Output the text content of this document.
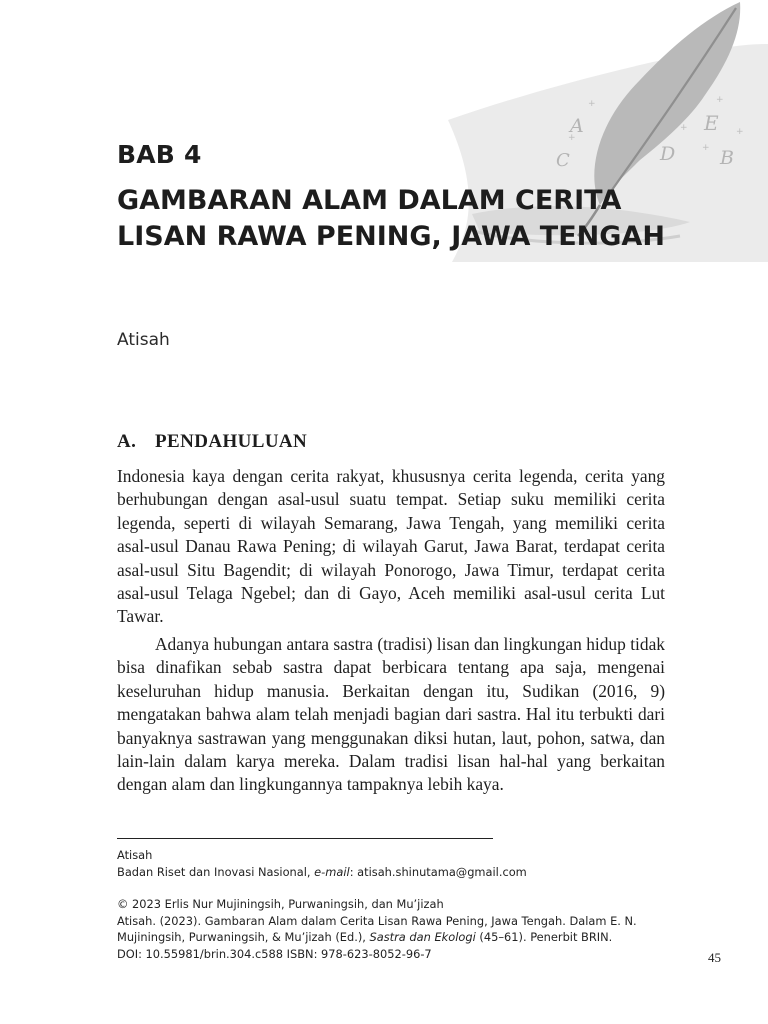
+	+
+
+
+
+
A	E
C	D B
BAB 4
GAMBARAN ALAM DALAM CERITA LISAN RAWA PENING, JAWA TENGAH
Atisah
A. PENDAHULUAN

Indonesia kaya dengan cerita rakyat, khususnya cerita legenda, cerita yang berhubungan dengan asal-usul suatu tempat. Setiap suku memiliki cerita legenda, seperti di wilayah Semarang, Jawa Tengah, yang memiliki cerita asal-usul Danau Rawa Pening; di wilayah Garut, Jawa Barat, terdapat cerita asal-usul Situ Bagendit; di wilayah Ponorogo, Jawa Timur, terdapat cerita asal-usul Telaga Ngebel; dan di Gayo, Aceh memiliki asal-usul cerita Lut Tawar.

Adanya hubungan antara sastra (tradisi) lisan dan lingkungan hidup tidak bisa dinafikan sebab sastra dapat berbicara tentang apa saja, mengenai keseluruhan hidup manusia. Berkaitan dengan itu, Sudikan (2016, 9) mengatakan bahwa alam telah menjadi bagian dari sastra. Hal itu terbukti dari banyaknya sastrawan yang menggunakan diksi hutan, laut, pohon, satwa, dan lain-lain dalam karya mereka. Dalam tradisi lisan hal-hal yang berkaitan dengan alam dan lingkungannya tampaknya lebih kaya.

Atisah
Badan Riset dan Inovasi Nasional, e-mail: atisah.shinutama@gmail.com
© 2023 Erlis Nur Mujiningsih, Purwaningsih, dan Mu’jizah
Atisah. (2023). Gambaran Alam dalam Cerita Lisan Rawa Pening, Jawa Tengah. Dalam E. N. Mujiningsih, Purwaningsih, & Mu’jizah (Ed.), Sastra dan Ekologi (45–61). Penerbit BRIN.
DOI: 10.55981/brin.304.c588 ISBN: 978-623-8052-96-7	45
